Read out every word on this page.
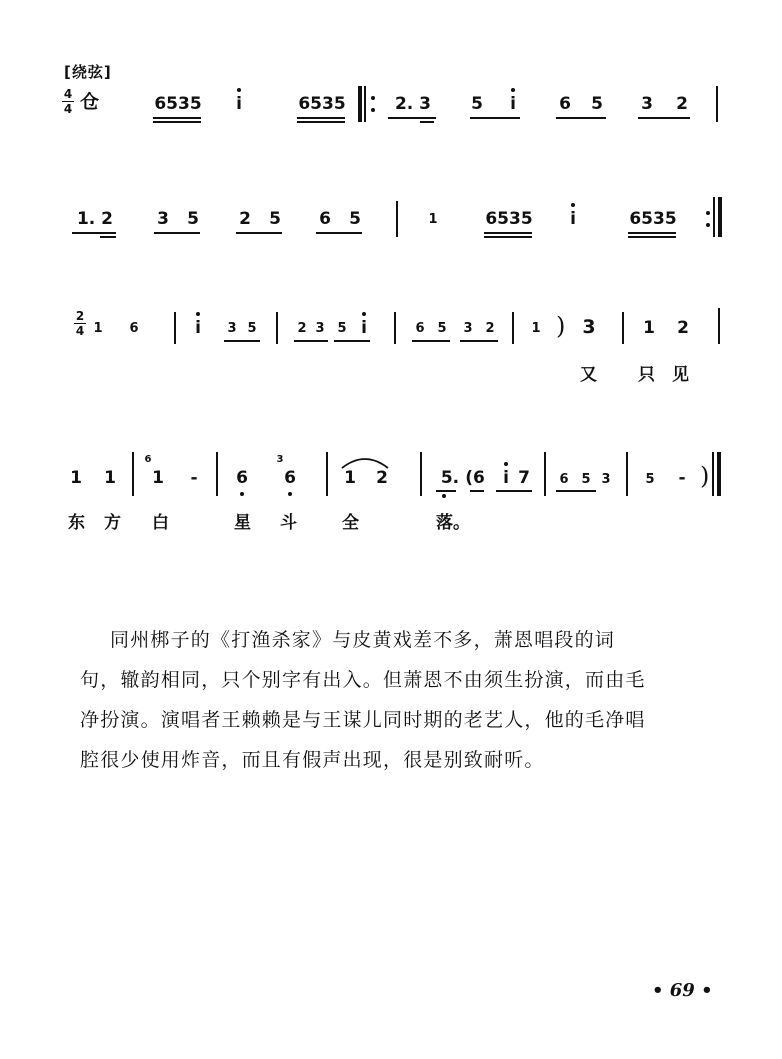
[绕弦]
4
4 仓	6535 i	6535	2. 3	5 i	6 5 3 2
1. 2	3 5 2 5 6 5	1	6535 i	6535
2
4 1 6	i 3 5	2 3 5 i	6 5 3 2	1 ) 3	1 2
又 只 见
1 1
6
1 - 6
3
6	1 2	5. (6 i 7 6 5 3	5 - )
东 方 白	星 斗	全	落。

同州梆子的《打渔杀家》与皮黄戏差不多，萧恩唱段的词

句，辙韵相同，只个别字有出入。但萧恩不由须生扮演，而由毛

净扮演。演唱者王赖赖是与王谋儿同时期的老艺人，他的毛净唱

腔很少使用炸音，而且有假声出现，很是别致耐听。

• 69 •
